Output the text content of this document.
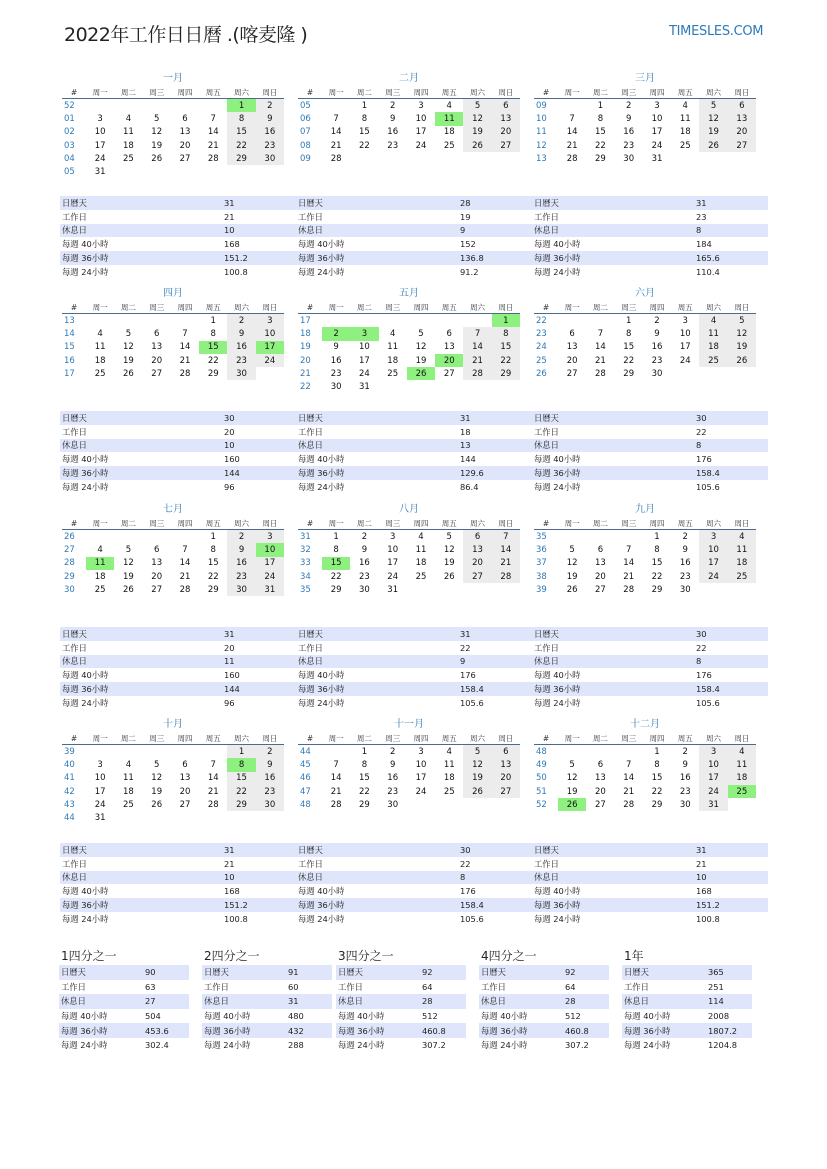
2022年工作日日曆 .(喀麦隆 )	TIMESLES.COM
一月
#	周一	周二	周三	周四	周五	周六	周日
52						1	2
01	3	4	5	6	7	8	9
02	10	11	12	13	14	15	16
03	17	18	19	20	21	22	23
04	24	25	26	27	28	29	30
05	31						
日曆天	31
工作日	21
休息日	10
每週 40小時	168
每週 36小時	151.2
每週 24小時	100.8
二月
#	周一	周二	周三	周四	周五	周六	周日
05		1	2	3	4	5	6
06	7	8	9	10	11	12	13
07	14	15	16	17	18	19	20
08	21	22	23	24	25	26	27
09	28						
日曆天	28
工作日	19
休息日	9
每週 40小時	152
每週 36小時	136.8
每週 24小時	91.2
三月
#	周一	周二	周三	周四	周五	周六	周日
09		1	2	3	4	5	6
10	7	8	9	10	11	12	13
11	14	15	16	17	18	19	20
12	21	22	23	24	25	26	27
13	28	29	30	31			
日曆天	31
工作日	23
休息日	8
每週 40小時	184
每週 36小時	165.6
每週 24小時	110.4
四月
#	周一	周二	周三	周四	周五	周六	周日
13					1	2	3
14	4	5	6	7	8	9	10
15	11	12	13	14	15	16	17
16	18	19	20	21	22	23	24
17	25	26	27	28	29	30	
日曆天	30
工作日	20
休息日	10
每週 40小時	160
每週 36小時	144
每週 24小時	96
五月
#	周一	周二	周三	周四	周五	周六	周日
17							1
18	2	3	4	5	6	7	8
19	9	10	11	12	13	14	15
20	16	17	18	19	20	21	22
21	23	24	25	26	27	28	29
22	30	31					
日曆天	31
工作日	18
休息日	13
每週 40小時	144
每週 36小時	129.6
每週 24小時	86.4
六月
#	周一	周二	周三	周四	周五	周六	周日
22			1	2	3	4	5
23	6	7	8	9	10	11	12
24	13	14	15	16	17	18	19
25	20	21	22	23	24	25	26
26	27	28	29	30			
日曆天	30
工作日	22
休息日	8
每週 40小時	176
每週 36小時	158.4
每週 24小時	105.6
七月
#	周一	周二	周三	周四	周五	周六	周日
26					1	2	3
27	4	5	6	7	8	9	10
28	11	12	13	14	15	16	17
29	18	19	20	21	22	23	24
30	25	26	27	28	29	30	31
日曆天	31
工作日	20
休息日	11
每週 40小時	160
每週 36小時	144
每週 24小時	96
八月
#	周一	周二	周三	周四	周五	周六	周日
31	1	2	3	4	5	6	7
32	8	9	10	11	12	13	14
33	15	16	17	18	19	20	21
34	22	23	24	25	26	27	28
35	29	30	31				
日曆天	31
工作日	22
休息日	9
每週 40小時	176
每週 36小時	158.4
每週 24小時	105.6
九月
#	周一	周二	周三	周四	周五	周六	周日
35				1	2	3	4
36	5	6	7	8	9	10	11
37	12	13	14	15	16	17	18
38	19	20	21	22	23	24	25
39	26	27	28	29	30		
日曆天	30
工作日	22
休息日	8
每週 40小時	176
每週 36小時	158.4
每週 24小時	105.6
十月
#	周一	周二	周三	周四	周五	周六	周日
39						1	2
40	3	4	5	6	7	8	9
41	10	11	12	13	14	15	16
42	17	18	19	20	21	22	23
43	24	25	26	27	28	29	30
44	31						
日曆天	31
工作日	21
休息日	10
每週 40小時	168
每週 36小時	151.2
每週 24小時	100.8
十一月
#	周一	周二	周三	周四	周五	周六	周日
44		1	2	3	4	5	6
45	7	8	9	10	11	12	13
46	14	15	16	17	18	19	20
47	21	22	23	24	25	26	27
48	28	29	30				
日曆天	30
工作日	22
休息日	8
每週 40小時	176
每週 36小時	158.4
每週 24小時	105.6
十二月
#	周一	周二	周三	周四	周五	周六	周日
48				1	2	3	4
49	5	6	7	8	9	10	11
50	12	13	14	15	16	17	18
51	19	20	21	22	23	24	25
52	26	27	28	29	30	31	
日曆天	31
工作日	21
休息日	10
每週 40小時	168
每週 36小時	151.2
每週 24小時	100.8
1四分之一
日曆天	90
工作日	63
休息日	27
每週 40小時	504
每週 36小時	453.6
每週 24小時	302.4
2四分之一
日曆天	91
工作日	60
休息日	31
每週 40小時	480
每週 36小時	432
每週 24小時	288
3四分之一
日曆天	92
工作日	64
休息日	28
每週 40小時	512
每週 36小時	460.8
每週 24小時	307.2
4四分之一
日曆天	92
工作日	64
休息日	28
每週 40小時	512
每週 36小時	460.8
每週 24小時	307.2
1年
日曆天	365
工作日	251
休息日	114
每週 40小時	2008
每週 36小時	1807.2
每週 24小時	1204.8
